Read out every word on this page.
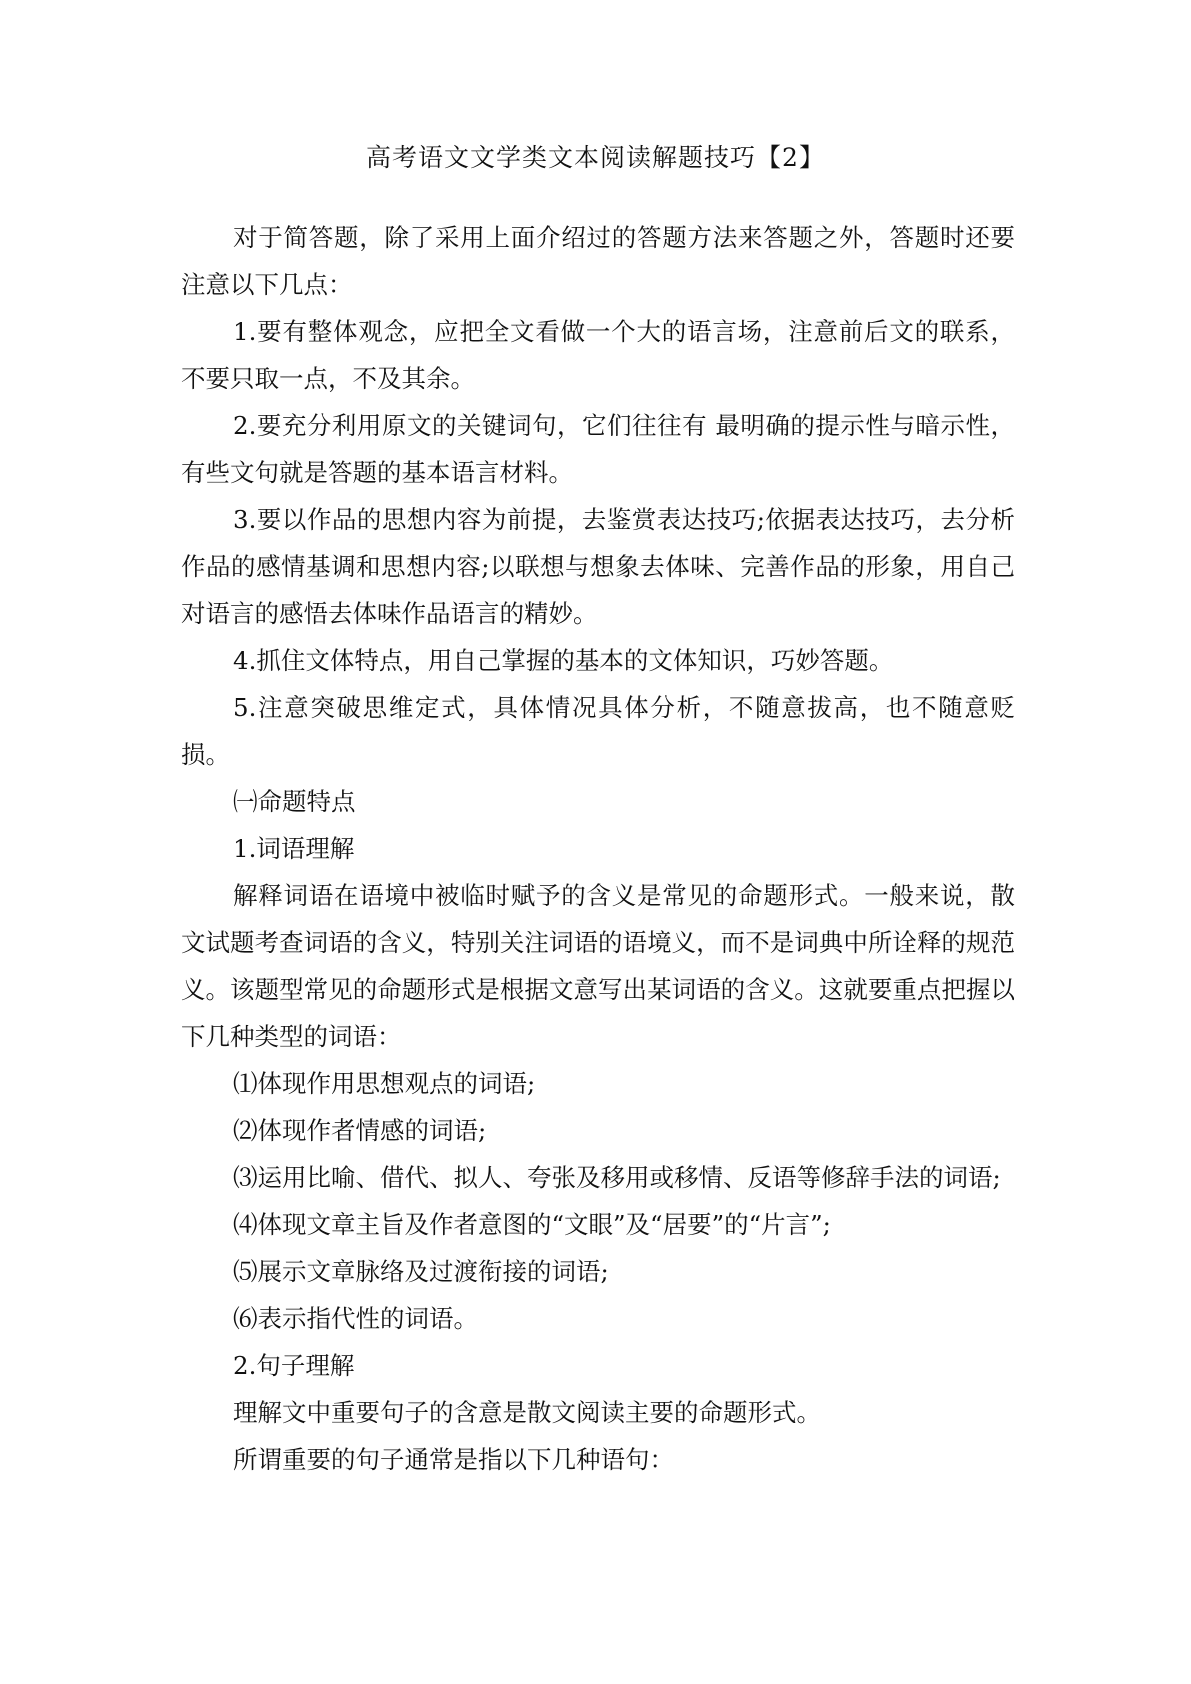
高考语文文学类文本阅读解题技巧【2】

对于简答题，除了采用上面介绍过的答题方法来答题之外，答题时还要注意以下几点：

1.要有整体观念，应把全文看做一个大的语言场，注意前后文的联系，不要只取一点，不及其余。

2.要充分利用原文的关键词句，它们往往有 最明确的提示性与暗示性，有些文句就是答题的基本语言材料。

3.要以作品的思想内容为前提，去鉴赏表达技巧;依据表达技巧，去分析作品的感情基调和思想内容;以联想与想象去体味、完善作品的形象，用自己对语言的感悟去体味作品语言的精妙。

4.抓住文体特点，用自己掌握的基本的文体知识，巧妙答题。

5.注意突破思维定式，具体情况具体分析，不随意拔高，也不随意贬损。

㈠命题特点

1.词语理解

解释词语在语境中被临时赋予的含义是常见的命题形式。一般来说，散文试题考查词语的含义，特别关注词语的语境义，而不是词典中所诠释的规范义。该题型常见的命题形式是根据文意写出某词语的含义。这就要重点把握以下几种类型的词语：

⑴体现作用思想观点的词语;

⑵体现作者情感的词语;

⑶运用比喻、借代、拟人、夸张及移用或移情、反语等修辞手法的词语;

⑷体现文章主旨及作者意图的“文眼”及“居要”的“片言”;

⑸展示文章脉络及过渡衔接的词语;

⑹表示指代性的词语。

2.句子理解

理解文中重要句子的含意是散文阅读主要的命题形式。

所谓重要的句子通常是指以下几种语句：
